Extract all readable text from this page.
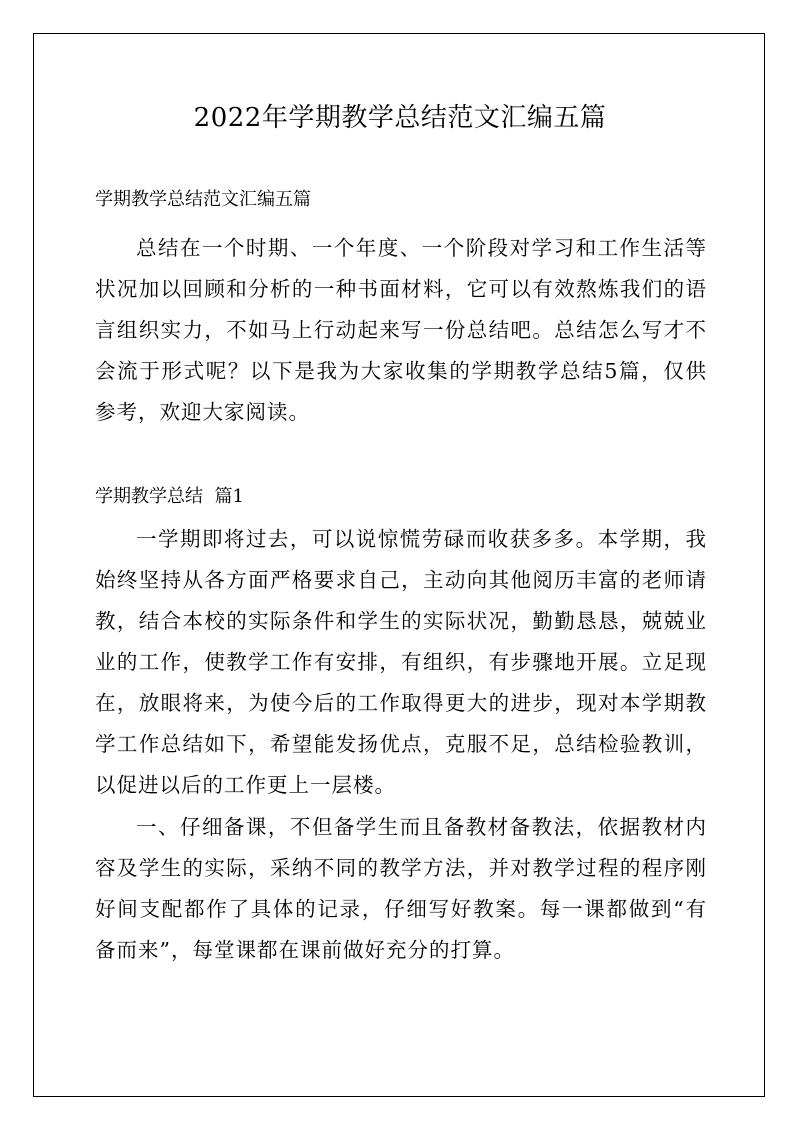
2022年学期教学总结范文汇编五篇
学期教学总结范文汇编五篇

总结在一个时期、一个年度、一个阶段对学习和工作生活等状况加以回顾和分析的一种书面材料，它可以有效熬炼我们的语言组织实力，不如马上行动起来写一份总结吧。总结怎么写才不会流于形式呢？以下是我为大家收集的学期教学总结5篇，仅供参考，欢迎大家阅读。

学期教学总结  篇1

一学期即将过去，可以说惊慌劳碌而收获多多。本学期，我始终坚持从各方面严格要求自己，主动向其他阅历丰富的老师请教，结合本校的实际条件和学生的实际状况，勤勤恳恳，兢兢业业的工作，使教学工作有安排，有组织，有步骤地开展。立足现在，放眼将来，为使今后的工作取得更大的进步，现对本学期教学工作总结如下，希望能发扬优点，克服不足，总结检验教训，以促进以后的工作更上一层楼。

一、仔细备课，不但备学生而且备教材备教法，依据教材内容及学生的实际，采纳不同的教学方法，并对教学过程的程序刚好间支配都作了具体的记录，仔细写好教案。每一课都做到“有备而来”，每堂课都在课前做好充分的打算。
